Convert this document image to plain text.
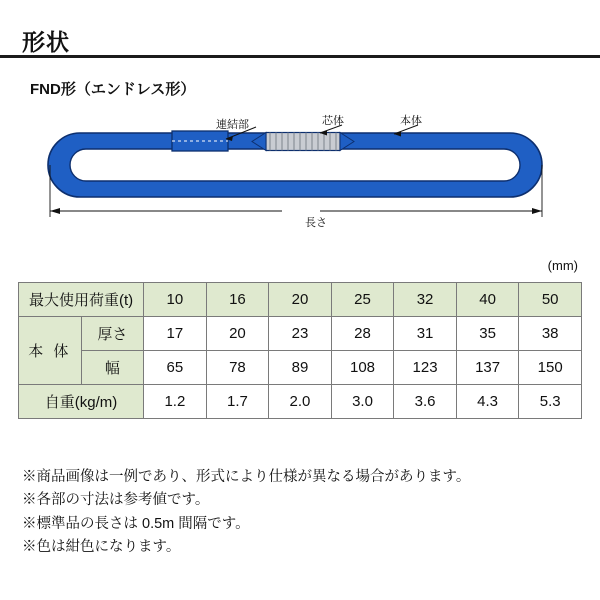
形状
FND形（エンドレス形）
連結部	芯体	本体
長さ
(mm)
最大使用荷重(t)		10	16	20	25	32	40	50
本 体	厚さ	17	20	23	28	31	35	38
	幅	65	78	89	108	123	137	150
自重(kg/m)		1.2	1.7	2.0	3.0	3.6	4.3	5.3
※商品画像は一例であり、形式により仕様が異なる場合があります。
※各部の寸法は参考値です。
※標準品の長さは 0.5m 間隔です。
※色は紺色になります。
